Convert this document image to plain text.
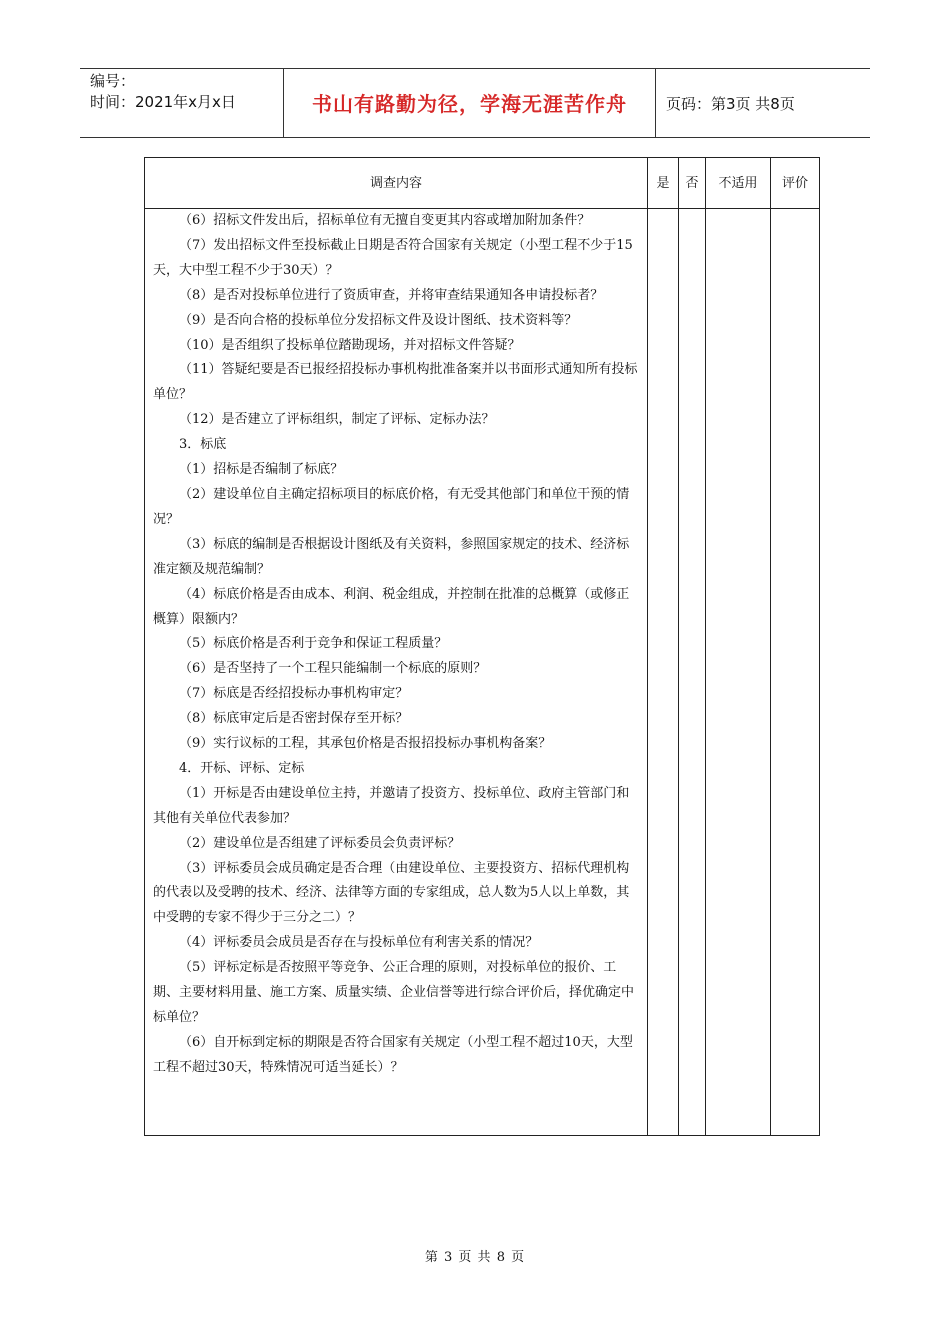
编号：
时间：2021年x月x日	书山有路勤为径，学海无涯苦作舟	页码：第3页 共8页
调查内容	是	否	不适用	评价

（6）招标文件发出后，招标单位有无擅自变更其内容或增加附加条件？

（7）发出招标文件至投标截止日期是否符合国家有关规定（小型工程不少于15天，大中型工程不少于30天）？

（8）是否对投标单位进行了资质审查，并将审查结果通知各申请投标者？

（9）是否向合格的投标单位分发招标文件及设计图纸、技术资料等？

（10）是否组织了投标单位踏勘现场，并对招标文件答疑？

（11）答疑纪要是否已报经招投标办事机构批准备案并以书面形式通知所有投标单位？

（12）是否建立了评标组织，制定了评标、定标办法？

3．标底

（1）招标是否编制了标底？

（2）建设单位自主确定招标项目的标底价格，有无受其他部门和单位干预的情况？

（3）标底的编制是否根据设计图纸及有关资料，参照国家规定的技术、经济标准定额及规范编制？

（4）标底价格是否由成本、利润、税金组成，并控制在批准的总概算（或修正概算）限额内？

（5）标底价格是否利于竞争和保证工程质量？

（6）是否坚持了一个工程只能编制一个标底的原则？

（7）标底是否经招投标办事机构审定？

（8）标底审定后是否密封保存至开标？

（9）实行议标的工程，其承包价格是否报招投标办事机构备案？

4．开标、评标、定标

（1）开标是否由建设单位主持，并邀请了投资方、投标单位、政府主管部门和其他有关单位代表参加？

（2）建设单位是否组建了评标委员会负责评标？

（3）评标委员会成员确定是否合理（由建设单位、主要投资方、招标代理机构的代表以及受聘的技术、经济、法律等方面的专家组成，总人数为5人以上单数，其中受聘的专家不得少于三分之二）？

（4）评标委员会成员是否存在与投标单位有利害关系的情况？

（5）评标定标是否按照平等竞争、公正合理的原则，对投标单位的报价、工期、主要材料用量、施工方案、质量实绩、企业信誉等进行综合评价后，择优确定中标单位？

（6）自开标到定标的期限是否符合国家有关规定（小型工程不超过10天，大型工程不超过30天，特殊情况可适当延长）？

第 3 页 共 8 页
